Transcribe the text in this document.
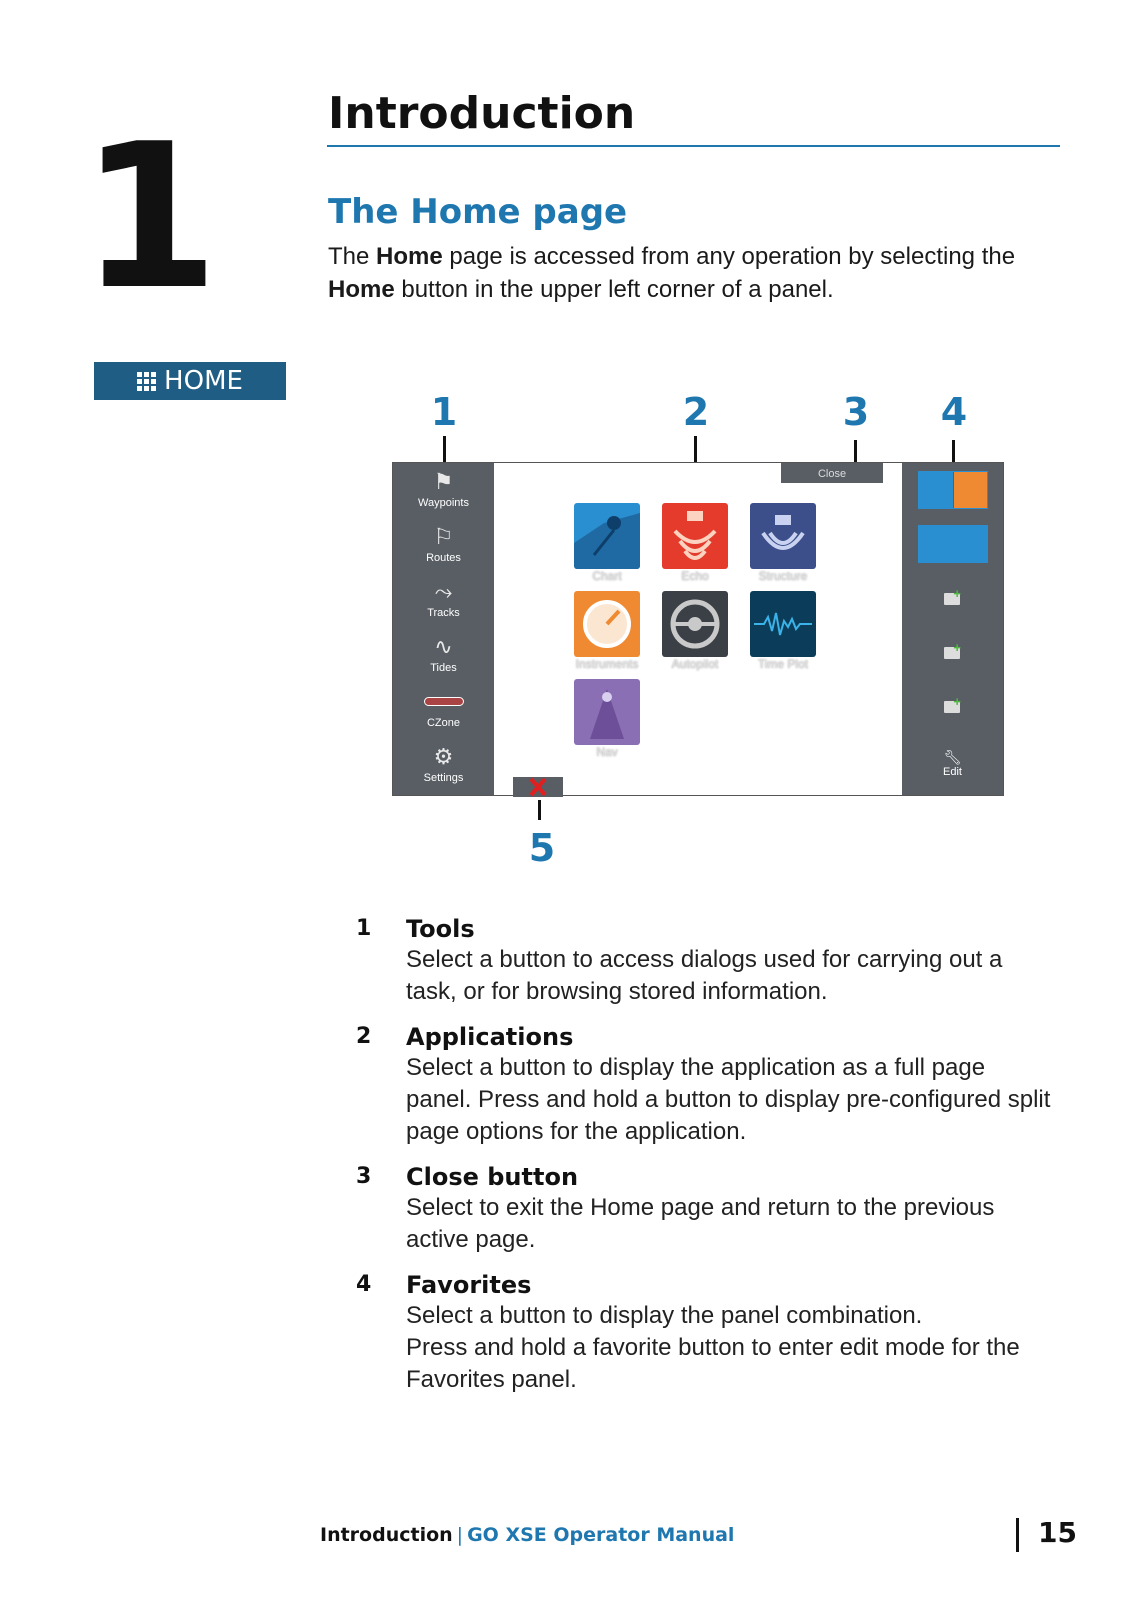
1
HOME
Introduction
The Home page
The Home page is accessed from any operation by selecting the Home button in the upper left corner of a panel.
1	2	3 4
5
⚑
Waypoints
⚐
Routes
⤳
Tracks
∿
Tides
CZone
⚙
Settings
Close
Chart	Echo	Structure
Instruments	Autopilot	Time Plot
Nav
+
+
+	🔧︎
Edit
1 Tools
Select a button to access dialogs used for carrying out a task, or for browsing stored information.
2 Applications
Select a button to display the application as a full page panel. Press and hold a button to display pre-configured split page options for the application.
3 Close button
Select to exit the Home page and return to the previous active page.
4 Favorites
Select a button to display the panel combination.
Press and hold a favorite button to enter edit mode for the Favorites panel.
Introduction | GO XSE Operator Manual	15
